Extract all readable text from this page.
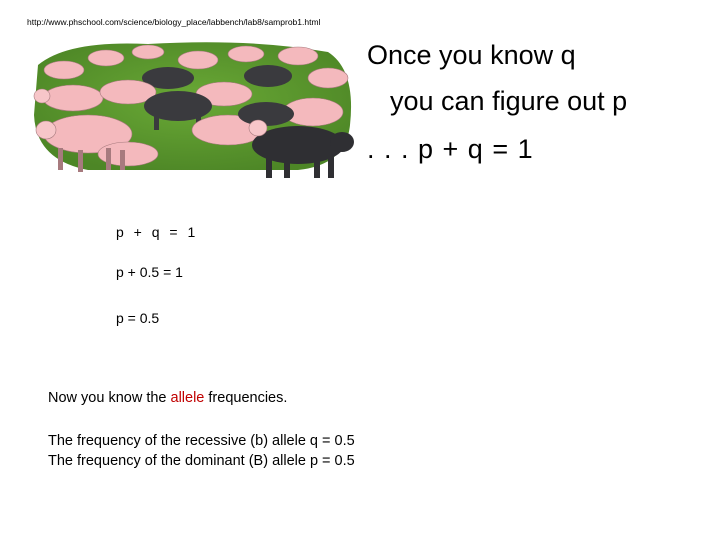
http://www.phschool.com/science/biology_place/labbench/lab8/samprob1.html
Once you know q
you can figure out p
. . . p + q = 1
p + q = 1
p + 0.5 = 1
p = 0.5
Now you know the allele frequencies.
The frequency of the recessive (b) allele q = 0.5
The frequency of the dominant (B) allele p = 0.5
